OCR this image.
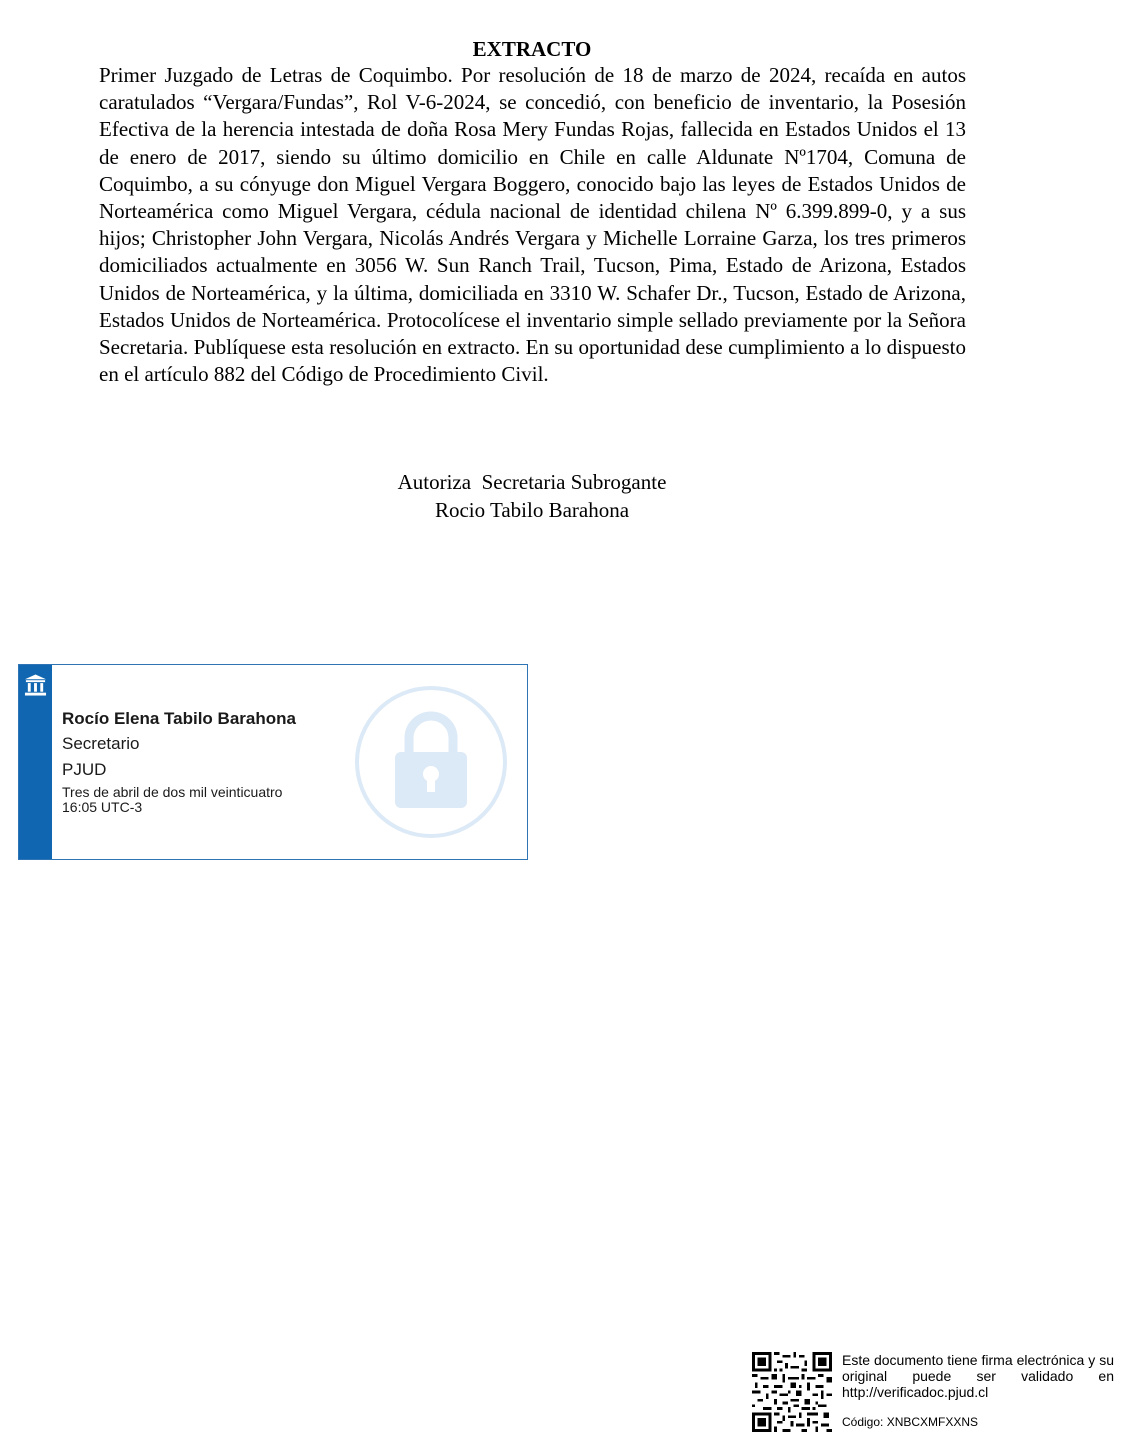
EXTRACTO

Primer Juzgado de Letras de Coquimbo. Por resolución de 18 de marzo de 2024, recaída en autos caratulados “Vergara/Fundas”, Rol V-6-2024, se concedió, con beneficio de inventario, la Posesión Efectiva de la herencia intestada de doña Rosa Mery Fundas Rojas, fallecida en Estados Unidos el 13 de enero de 2017, siendo su último domicilio en Chile en calle Aldunate Nº1704, Comuna de Coquimbo, a su cónyuge don Miguel Vergara Boggero, conocido bajo las leyes de Estados Unidos de Norteamérica como Miguel Vergara, cédula nacional de identidad chilena Nº 6.399.899-0, y a sus hijos; Christopher John Vergara, Nicolás Andrés Vergara y Michelle Lorraine Garza, los tres primeros domiciliados actualmente en 3056 W. Sun Ranch Trail, Tucson, Pima, Estado de Arizona, Estados Unidos de Norteamérica, y la última, domiciliada en 3310 W. Schafer Dr., Tucson, Estado de Arizona, Estados Unidos de Norteamérica. Protocolícese el inventario simple sellado previamente por la Señora Secretaria. Publíquese esta resolución en extracto. En su oportunidad dese cumplimiento a lo dispuesto en el artículo 882 del Código de Procedimiento Civil.

Autoriza  Secretaria Subrogante
Rocio Tabilo Barahona
Rocío Elena Tabilo Barahona
Secretario
PJUD
Tres de abril de dos mil veinticuatro
16:05 UTC-3
Este documento tiene firma electrónica y su original puede ser validado en http://verificadoc.pjud.cl
Código: XNBCXMFXXNS
